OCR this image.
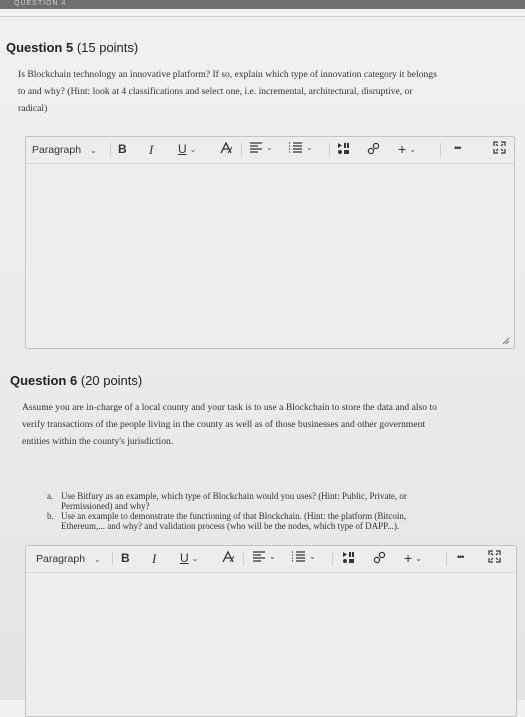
QUESTION 4
Question 5 (15 points)
Is Blockchain technology an innovative platform? If so, explain which type of innovation category it belongs
to and why? (Hint: look at 4 classifications and select one, i.e. incremental, architectural, disruptive, or
radical)
Paragraph ⌄ B I U ⌄	⌄	⌄	+ ⌄	•••
Question 6 (20 points)
Assume you are in-charge of a local county and your task is to use a Blockchain to store the data and also to
verify transactions of the people living in the county as well as of those businesses and other government
entities within the county's jurisdiction.
a. Use Bitfury as an example, which type of Blockchain would you uses? (Hint: Public, Private, or
Permissioned) and why?
b. Use an example to demonstrate the functioning of that Blockchain. (Hint: the platform (Bitcoin,
Ethereum,... and why? and validation process (who will be the nodes, which type of DAPP...).
Paragraph ⌄ B I U ⌄	⌄	⌄	+ ⌄	•••
